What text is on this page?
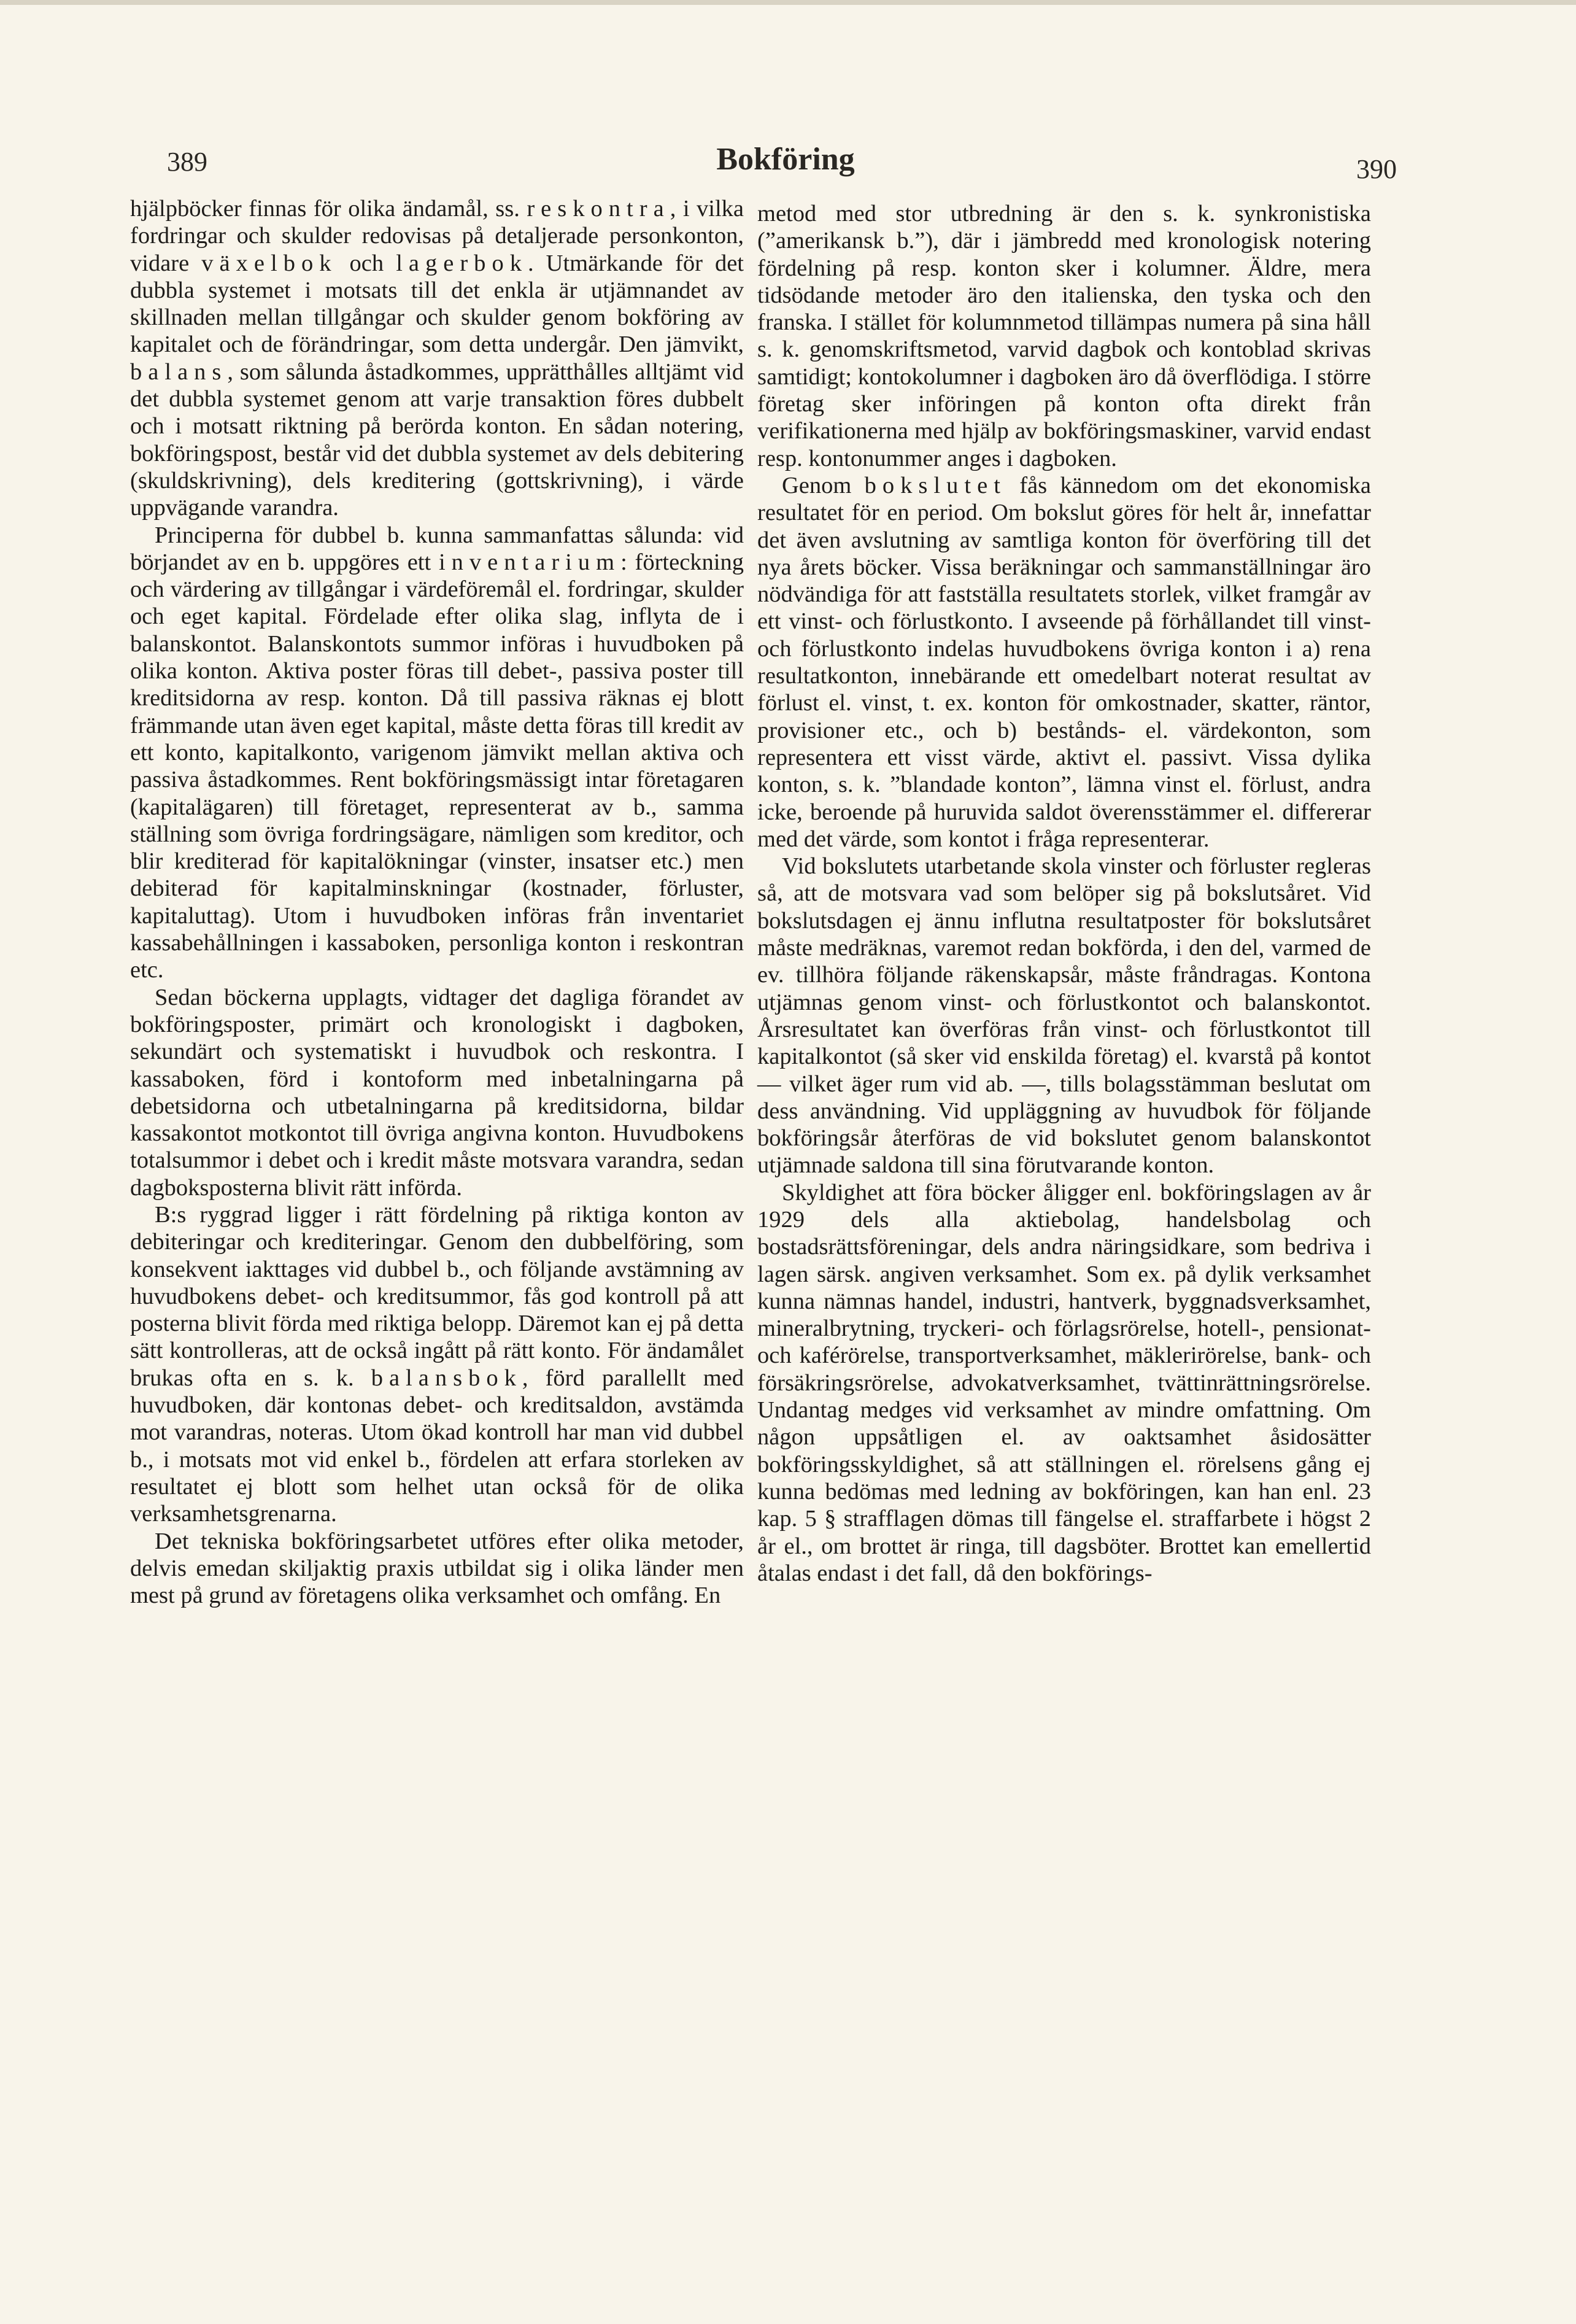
389	Bokföring	390

hjälpböcker finnas för olika ändamål, ss. reskontra, i vilka fordringar och skulder redovisas på detaljerade personkonton, vidare växelbok och lagerbok. Utmärkande för det dubbla systemet i motsats till det enkla är utjämnandet av skillnaden mellan tillgångar och skulder genom bokföring av kapitalet och de förändringar, som detta undergår. Den jämvikt, balans, som sålunda åstadkommes, upprätthålles alltjämt vid det dubbla systemet genom att varje transaktion föres dubbelt och i motsatt riktning på berörda konton. En sådan notering, bokföringspost, består vid det dubbla systemet av dels debitering (skuldskrivning), dels kreditering (gottskrivning), i värde uppvägande varandra.

Principerna för dubbel b. kunna sammanfattas sålunda: vid börjandet av en b. uppgöres ett inventarium: förteckning och värdering av tillgångar i värdeföremål el. fordringar, skulder och eget kapital. Fördelade efter olika slag, inflyta de i balanskontot. Balanskontots summor införas i huvudboken på olika konton. Aktiva poster föras till debet-, passiva poster till kreditsidorna av resp. konton. Då till passiva räknas ej blott främmande utan även eget kapital, måste detta föras till kredit av ett konto, kapitalkonto, varigenom jämvikt mellan aktiva och passiva åstadkommes. Rent bokföringsmässigt intar företagaren (kapitalägaren) till företaget, representerat av b., samma ställning som övriga fordringsägare, nämligen som kreditor, och blir krediterad för kapitalökningar (vinster, insatser etc.) men debiterad för kapitalminskningar (kostnader, förluster, kapitaluttag). Utom i huvudboken införas från inventariet kassabehållningen i kassaboken, personliga konton i reskontran etc.

Sedan böckerna upplagts, vidtager det dagliga förandet av bokföringsposter, primärt och kronologiskt i dagboken, sekundärt och systematiskt i huvudbok och reskontra. I kassaboken, förd i kontoform med inbetalningarna på debetsidorna och utbetalningarna på kreditsidorna, bildar kassakontot motkontot till övriga angivna konton. Huvudbokens totalsummor i debet och i kredit måste motsvara varandra, sedan dagboksposterna blivit rätt införda.

B:s ryggrad ligger i rätt fördelning på riktiga konton av debiteringar och krediteringar. Genom den dubbelföring, som konsekvent iakttages vid dubbel b., och följande avstämning av huvudbokens debet- och kreditsummor, fås god kontroll på att posterna blivit förda med riktiga belopp. Däremot kan ej på detta sätt kontrolleras, att de också ingått på rätt konto. För ändamålet brukas ofta en s. k. balansbok, förd parallellt med huvudboken, där kontonas debet- och kreditsaldon, avstämda mot varandras, noteras. Utom ökad kontroll har man vid dubbel b., i motsats mot vid enkel b., fördelen att erfara storleken av resultatet ej blott som helhet utan också för de olika verksamhetsgrenarna.

Det tekniska bokföringsarbetet utföres efter olika metoder, delvis emedan skiljaktig praxis utbildat sig i olika länder men mest på grund av företagens olika verksamhet och omfång. En

metod med stor utbredning är den s. k. synkronistiska (”amerikansk b.”), där i jämbredd med kronologisk notering fördelning på resp. konton sker i kolumner. Äldre, mera tidsödande metoder äro den italienska, den tyska och den franska. I stället för kolumnmetod tillämpas numera på sina håll s. k. genomskriftsmetod, varvid dagbok och kontoblad skrivas samtidigt; kontokolumner i dagboken äro då överflödiga. I större företag sker införingen på konton ofta direkt från verifikationerna med hjälp av bokföringsmaskiner, varvid endast resp. kontonummer anges i dagboken.

Genom bokslutet fås kännedom om det ekonomiska resultatet för en period. Om bokslut göres för helt år, innefattar det även avslutning av samtliga konton för överföring till det nya årets böcker. Vissa beräkningar och sammanställningar äro nödvändiga för att fastställa resultatets storlek, vilket framgår av ett vinst- och förlustkonto. I avseende på förhållandet till vinst- och förlustkonto indelas huvudbokens övriga konton i a) rena resultatkonton, innebärande ett omedelbart noterat resultat av förlust el. vinst, t. ex. konton för omkostnader, skatter, räntor, provisioner etc., och b) bestånds- el. värdekonton, som representera ett visst värde, aktivt el. passivt. Vissa dylika konton, s. k. ”blandade konton”, lämna vinst el. förlust, andra icke, beroende på huruvida saldot överensstämmer el. differerar med det värde, som kontot i fråga representerar.

Vid bokslutets utarbetande skola vinster och förluster regleras så, att de motsvara vad som belöper sig på bokslutsåret. Vid bokslutsdagen ej ännu influtna resultatposter för bokslutsåret måste medräknas, varemot redan bokförda, i den del, varmed de ev. tillhöra följande räkenskapsår, måste fråndragas. Kontona utjämnas genom vinst- och förlustkontot och balanskontot. Årsresultatet kan överföras från vinst- och förlustkontot till kapitalkontot (så sker vid enskilda företag) el. kvarstå på kontot — vilket äger rum vid ab. —, tills bolagsstämman beslutat om dess användning. Vid uppläggning av huvudbok för följande bokföringsår återföras de vid bokslutet genom balanskontot utjämnade saldona till sina förutvarande konton.

Skyldighet att föra böcker åligger enl. bokföringslagen av år 1929 dels alla aktiebolag, handelsbolag och bostadsrättsföreningar, dels andra näringsidkare, som bedriva i lagen särsk. angiven verksamhet. Som ex. på dylik verksamhet kunna nämnas handel, industri, hantverk, byggnadsverksamhet, mineralbrytning, tryckeri- och förlagsrörelse, hotell-, pensionat- och kaférörelse, transportverksamhet, mäklerirörelse, bank- och försäkringsrörelse, advokatverksamhet, tvättinrättningsrörelse. Undantag medges vid verksamhet av mindre omfattning. Om någon uppsåtligen el. av oaktsamhet åsidosätter bokföringsskyldighet, så att ställningen el. rörelsens gång ej kunna bedömas med ledning av bokföringen, kan han enl. 23 kap. 5 § strafflagen dömas till fängelse el. straffarbete i högst 2 år el., om brottet är ringa, till dagsböter. Brottet kan emellertid åtalas endast i det fall, då den bokförings-
